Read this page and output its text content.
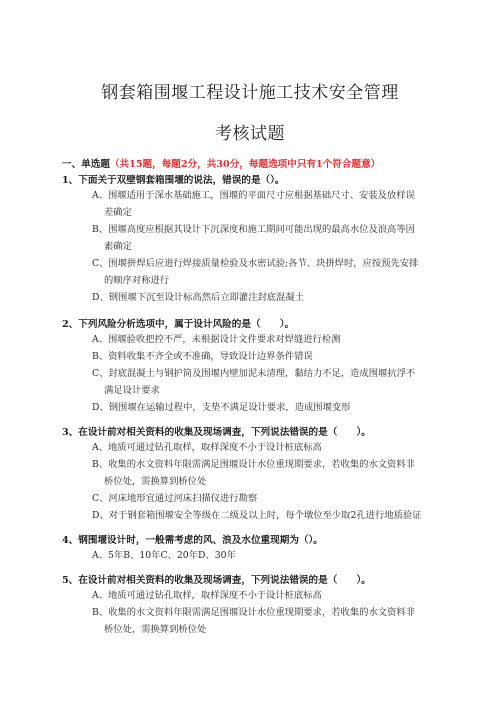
钢套箱围堰工程设计施工技术安全管理
考核试题
一、单选题（共15题，每题2分，共30分，每题选项中只有1个符合题意）
1、下面关于双壁钢套箱围堰的说法，错误的是（）。
A、围堰适用于深水基础施工，围堰的平面尺寸应根据基础尺寸、安装及放样误
差确定
B、围堰高度应根据其设计下沉深度和施工期间可能出现的最高水位及浪高等因
素确定
C、围堰拼焊后应进行焊接质量检验及水密试验;各节、块拼焊时，应按预先安排
的顺序对称进行
D、钢围堰下沉至设计标高然后立即灌注封底混凝土
2、下列风险分析选项中，属于设计风险的是（　　）。
A、围堰验收把控不严，未根据设计文件要求对焊缝进行检测
B、资料收集不齐全或不准确，导致设计边界条件错误
C、封底混凝土与钢护筒及围堰内壁加泥未清理，黏结力不足，造成围堰抗浮不
满足设计要求
D、钢围堰在运输过程中，支垫不满足设计要求，造成围堰变形
3、在设计前对相关资料的收集及现场调查，下列说法错误的是（　　）。
A、地质可通过钻孔取样，取样深度不小于设计桩底标高
B、收集的水文资料年限需满足围堰设计水位重现期要求，若收集的水文资料非
桥位处，需换算到桥位处
C、河床地形宜通过河床扫描仪进行勘察
D、对于钢套箱围堰安全等级在二级及以上时，每个墩位至少取2孔进行地质验证
4、钢围堰设计时，一般需考虑的风、浪及水位重现期为（）。
A、5年B、10年C、20年D、30年
5、在设计前对相关资料的收集及现场调查，下列说法错误的是（　　）。
A、地质可通过钻孔取样，取样深度不小于设计桩底标高
B、收集的水文资料年限需满足围堰设计水位重现期要求，若收集的水文资料非
桥位处，需换算到桥位处
